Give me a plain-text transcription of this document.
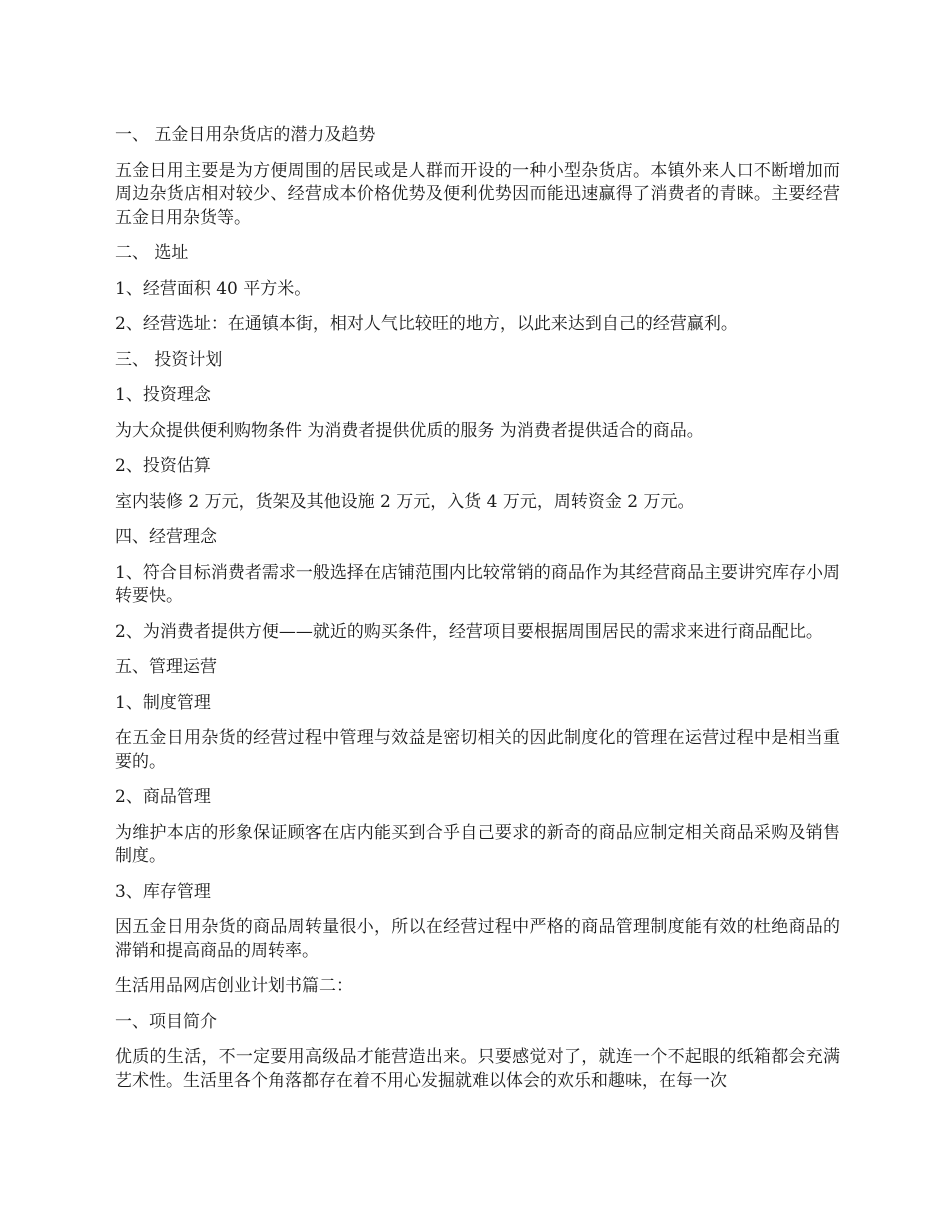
一、 五金日用杂货店的潜力及趋势

五金日用主要是为方便周围的居民或是人群而开设的一种小型杂货店。本镇外来人口不断增加而周边杂货店相对较少、经营成本价格优势及便利优势因而能迅速赢得了消费者的青睐。主要经营五金日用杂货等。

二、 选址

1、经营面积 40 平方米。

2、经营选址：在通镇本街，相对人气比较旺的地方，以此来达到自己的经营赢利。

三、 投资计划

1、投资理念

为大众提供便利购物条件 为消费者提供优质的服务 为消费者提供适合的商品。

2、投资估算

室内装修 2 万元，货架及其他设施 2 万元，入货 4 万元，周转资金 2 万元。

四、经营理念

1、符合目标消费者需求一般选择在店铺范围内比较常销的商品作为其经营商品主要讲究库存小周转要快。

2、为消费者提供方便——就近的购买条件，经营项目要根据周围居民的需求来进行商品配比。

五、管理运营

1、制度管理

在五金日用杂货的经营过程中管理与效益是密切相关的因此制度化的管理在运营过程中是相当重要的。

2、商品管理

为维护本店的形象保证顾客在店内能买到合乎自己要求的新奇的商品应制定相关商品采购及销售制度。

3、库存管理

因五金日用杂货的商品周转量很小，所以在经营过程中严格的商品管理制度能有效的杜绝商品的滞销和提高商品的周转率。

生活用品网店创业计划书篇二：

一、项目简介

优质的生活，不一定要用高级品才能营造出来。只要感觉对了，就连一个不起眼的纸箱都会充满艺术性。生活里各个角落都存在着不用心发掘就难以体会的欢乐和趣味，在每一次
